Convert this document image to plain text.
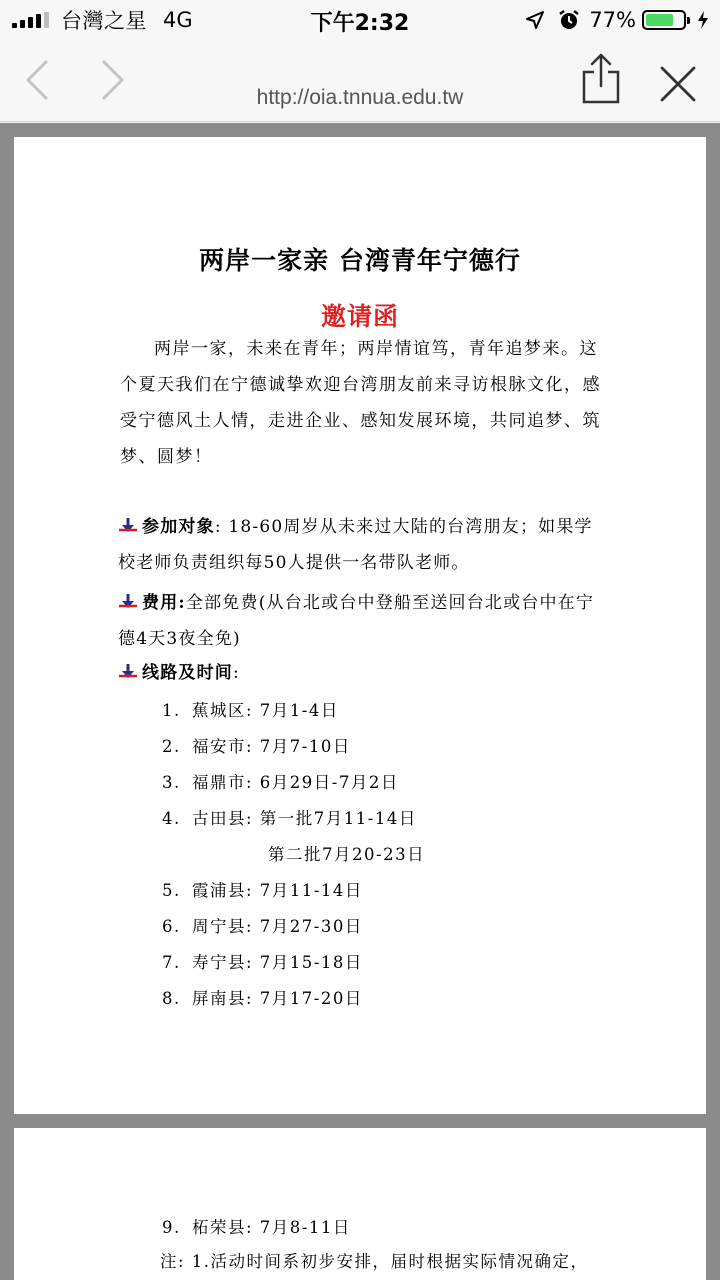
台灣之星 4G	下午2:32	77%
http://oia.tnnua.edu.tw
两岸一家亲 台湾青年宁德行
邀请函
两岸一家，未来在青年；两岸情谊笃，青年追梦来。这个夏天我们在宁德诚挚欢迎台湾朋友前来寻访根脉文化，感受宁德风土人情，走进企业、感知发展环境，共同追梦、筑梦、圆梦！
参加对象: 18-60周岁从未来过大陆的台湾朋友；如果学校老师负责组织每50人提供一名带队老师。
费用:全部免费(从台北或台中登船至送回台北或台中在宁德4天3夜全免)
线路及时间:
1. 蕉城区: 7月1-4日
2. 福安市: 7月7-10日
3. 福鼎市: 6月29日-7月2日
4. 古田县: 第一批7月11-14日
第二批7月20-23日
5. 霞浦县: 7月11-14日
6. 周宁县: 7月27-30日
7. 寿宁县: 7月15-18日
8. 屏南县: 7月17-20日
9. 柘荣县: 7月8-11日
注: 1.活动时间系初步安排，届时根据实际情况确定，
